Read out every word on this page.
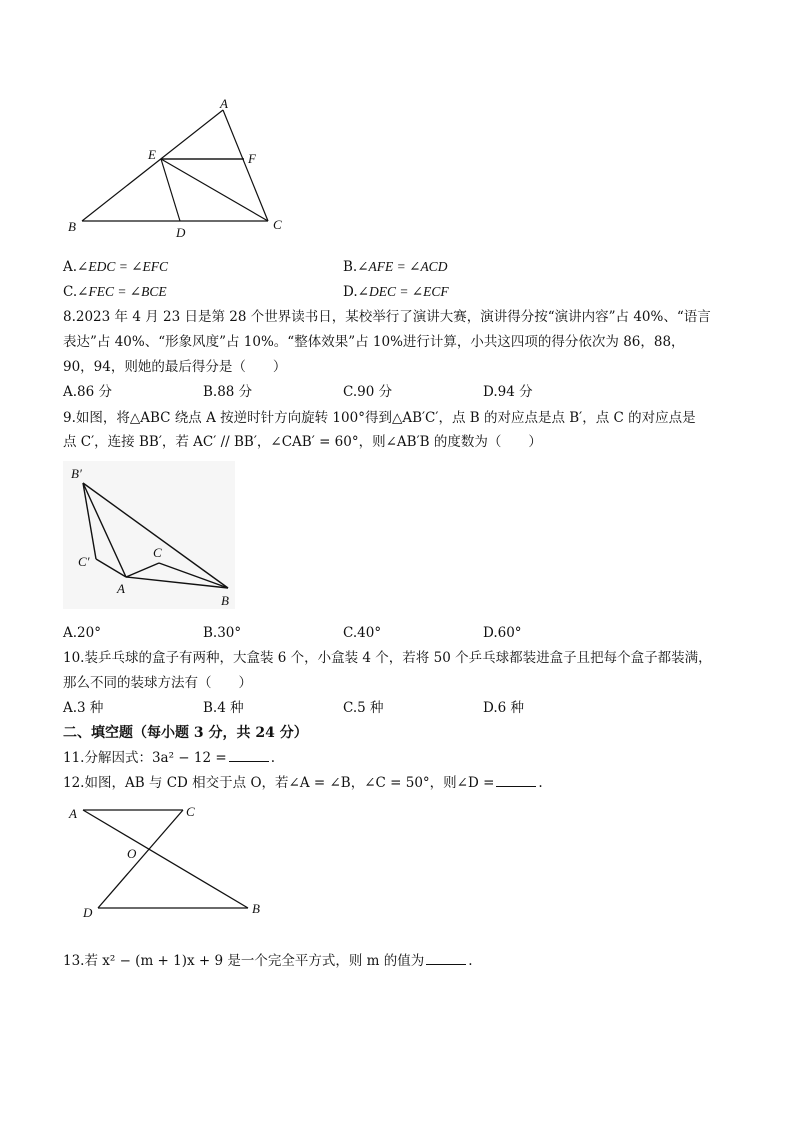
A
E	F
B	D
C
A.∠EDC = ∠EFC	B.∠AFE = ∠ACD
C.∠FEC = ∠BCE	D.∠DEC = ∠ECF
8.2023 年 4 月 23 日是第 28 个世界读书日，某校举行了演讲大赛，演讲得分按“演讲内容”占 40%、“语言
表达”占 40%、“形象风度”占 10%。“整体效果”占 10%进行计算，小共这四项的得分依次为 86，88，
90，94，则她的最后得分是（　　）
A.86 分	B.88 分	C.90 分	D.94 分
9.如图，将△ABC 绕点 A 按逆时针方向旋转 100°得到△AB′C′，点 B 的对应点是点 B′，点 C 的对应点是
点 C′，连接 BB′，若 AC′ // BB′，∠CAB′ = 60°，则∠AB′B 的度数为（　　）
B′
C′
C
A
B
A.20°	B.30°	C.40°	D.60°
10.装乒乓球的盒子有两种，大盒装 6 个，小盒装 4 个，若将 50 个乒乓球都装进盒子且把每个盒子都装满，
那么不同的装球方法有（　　）
A.3 种	B.4 种	C.5 种	D.6 种
二、填空题（每小题 3 分，共 24 分）
11.分解因式：3a² − 12 =	.
12.如图，AB 与 CD 相交于点 O，若∠A = ∠B，∠C = 50°，则∠D =	.
A	C
O
D	B
13.若 x² − (m + 1)x + 9 是一个完全平方式，则 m 的值为	.
